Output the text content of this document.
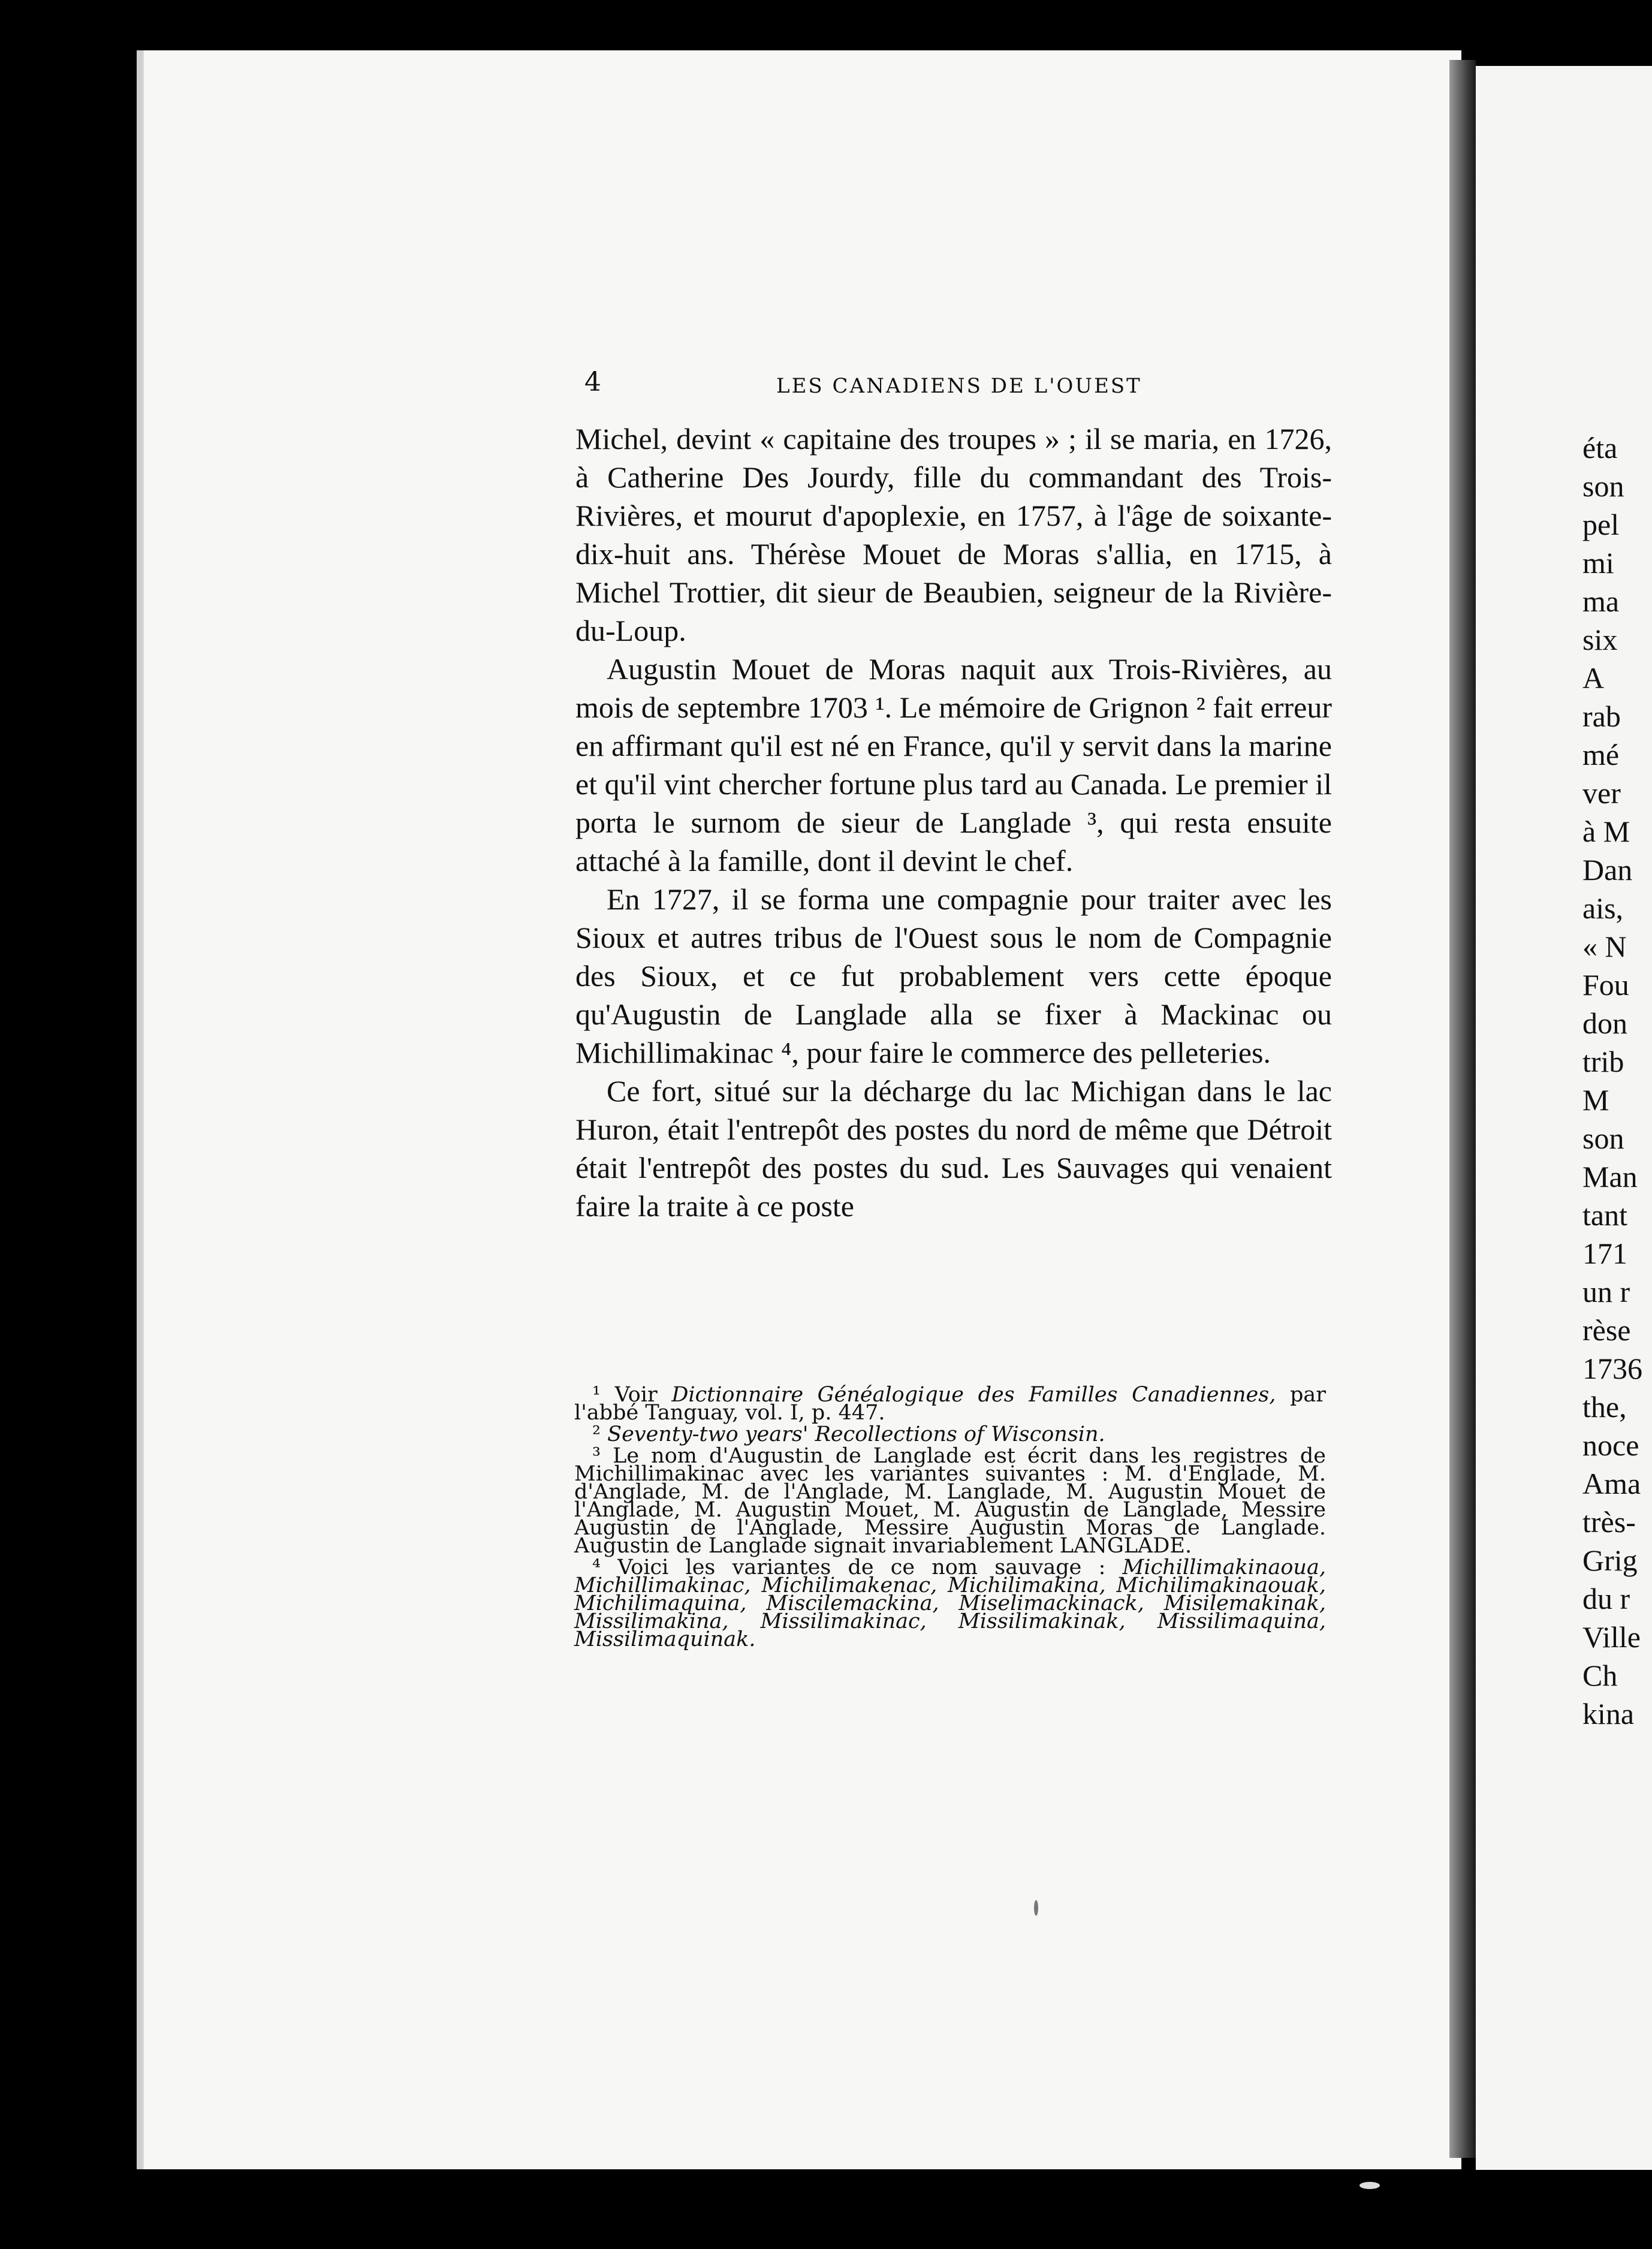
4	LES CANADIENS DE L'OUEST

Michel, devint « capitaine des troupes » ; il se maria, en 1726, à Catherine Des Jourdy, fille du commandant des Trois-Rivières, et mourut d'apoplexie, en 1757, à l'âge de soixante-dix-huit ans. Thérèse Mouet de Moras s'allia, en 1715, à Michel Trottier, dit sieur de Beaubien, seigneur de la Rivière-du-Loup.

Augustin Mouet de Moras naquit aux Trois-Rivières, au mois de septembre 1703 ¹. Le mémoire de Grignon ² fait erreur en affirmant qu'il est né en France, qu'il y servit dans la marine et qu'il vint chercher fortune plus tard au Canada. Le premier il porta le surnom de sieur de Langlade ³, qui resta ensuite attaché à la famille, dont il devint le chef.

En 1727, il se forma une compagnie pour traiter avec les Sioux et autres tribus de l'Ouest sous le nom de Compagnie des Sioux, et ce fut probablement vers cette époque qu'Augustin de Langlade alla se fixer à Mackinac ou Michillimakinac ⁴, pour faire le commerce des pelleteries.

Ce fort, situé sur la décharge du lac Michigan dans le lac Huron, était l'entrepôt des postes du nord de même que Détroit était l'entrepôt des postes du sud. Les Sauvages qui venaient faire la traite à ce poste

¹ Voir Dictionnaire Généalogique des Familles Canadiennes, par l'abbé Tanguay, vol. I, p. 447.

² Seventy-two years' Recollections of Wisconsin.

³ Le nom d'Augustin de Langlade est écrit dans les registres de Michillimakinac avec les variantes suivantes : M. d'Englade, M. d'Anglade, M. de l'Anglade, M. Langlade, M. Augustin Mouet de l'Anglade, M. Augustin Mouet, M. Augustin de Langlade, Messire Augustin de l'Anglade, Messire Augustin Moras de Langlade. Augustin de Langlade signait invariablement LANGLADE.

⁴ Voici les variantes de ce nom sauvage : Michillimakinaoua, Michillimakinac, Michilimakenac, Michilimakina, Michilimakinaouak, Michilimaquina, Miscilemackina, Miselimackinack, Misilemakinak, Missilimakina, Missilimakinac, Missilimakinak, Missilimaquina, Missilimaquinak.

éta
son
pel
mi
ma
six
A
rab
mé
ver
à M
Dan
ais,
« N
Fou
don
trib
M
son
Man
tant
171
un r
rèse
1736
the,
noce
Ama
très-
Grig
du r
Ville
Ch
kina
